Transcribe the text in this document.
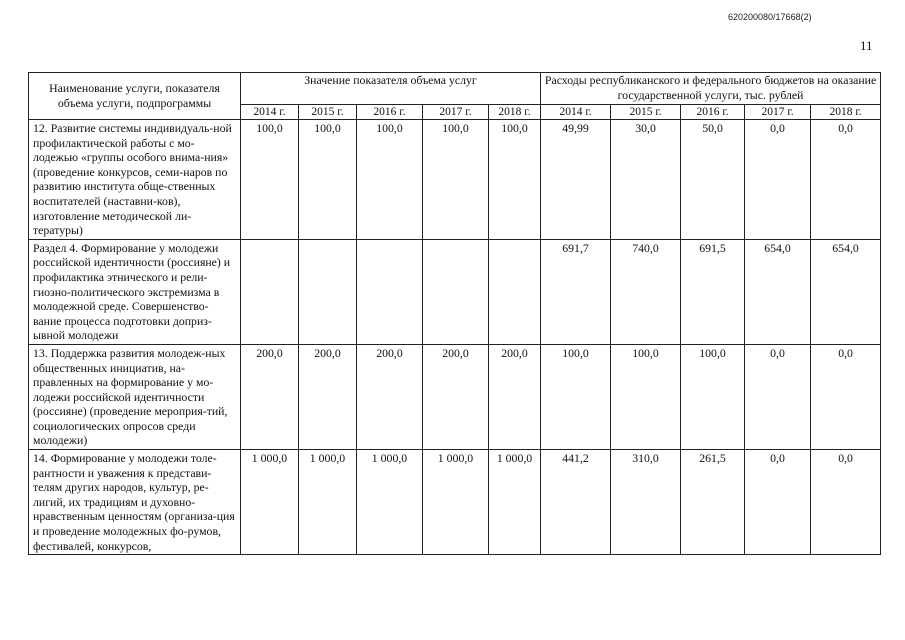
620200080/17668(2)
11
Наименование услуги, показателя объема услуги, подпрограммы	Значение показателя объема услуг					Расходы республиканского и федерального бюджетов на оказание государственной услуги, тыс. рублей				
	2014 г.	2015 г.	2016 г.	2017 г.	2018 г.	2014 г.	2015 г.	2016 г.	2017 г.	2018 г.
12. Развитие системы индивидуаль-ной профилактической работы с мо-лодежью «группы особого внима-ния» (проведение конкурсов, семи-наров по развитию института обще-ственных воспитателей (наставни-ков), изготовление методической ли-тературы)	100,0	100,0	100,0	100,0	100,0	49,99	30,0	50,0	0,0	0,0
Раздел 4. Формирование у молодежи российской идентичности (россияне) и профилактика этнического и рели-гиозно-политического экстремизма в молодежной среде. Совершенство-вание процесса подготовки доприз-ывной молодежи						691,7	740,0	691,5	654,0	654,0
13. Поддержка развития молодеж-ных общественных инициатив, на-правленных на формирование у мо-лодежи российской идентичности (россияне) (проведение мероприя-тий, социологических опросов среди молодежи)	200,0	200,0	200,0	200,0	200,0	100,0	100,0	100,0	0,0	0,0
14. Формирование у молодежи толе-рантности и уважения к представи-телям других народов, культур, ре-лигий, их традициям и духовно-нравственным ценностям (организа-ция и проведение молодежных фо-румов, фестивалей, конкурсов,	1 000,0	1 000,0	1 000,0	1 000,0	1 000,0	441,2	310,0	261,5	0,0	0,0
